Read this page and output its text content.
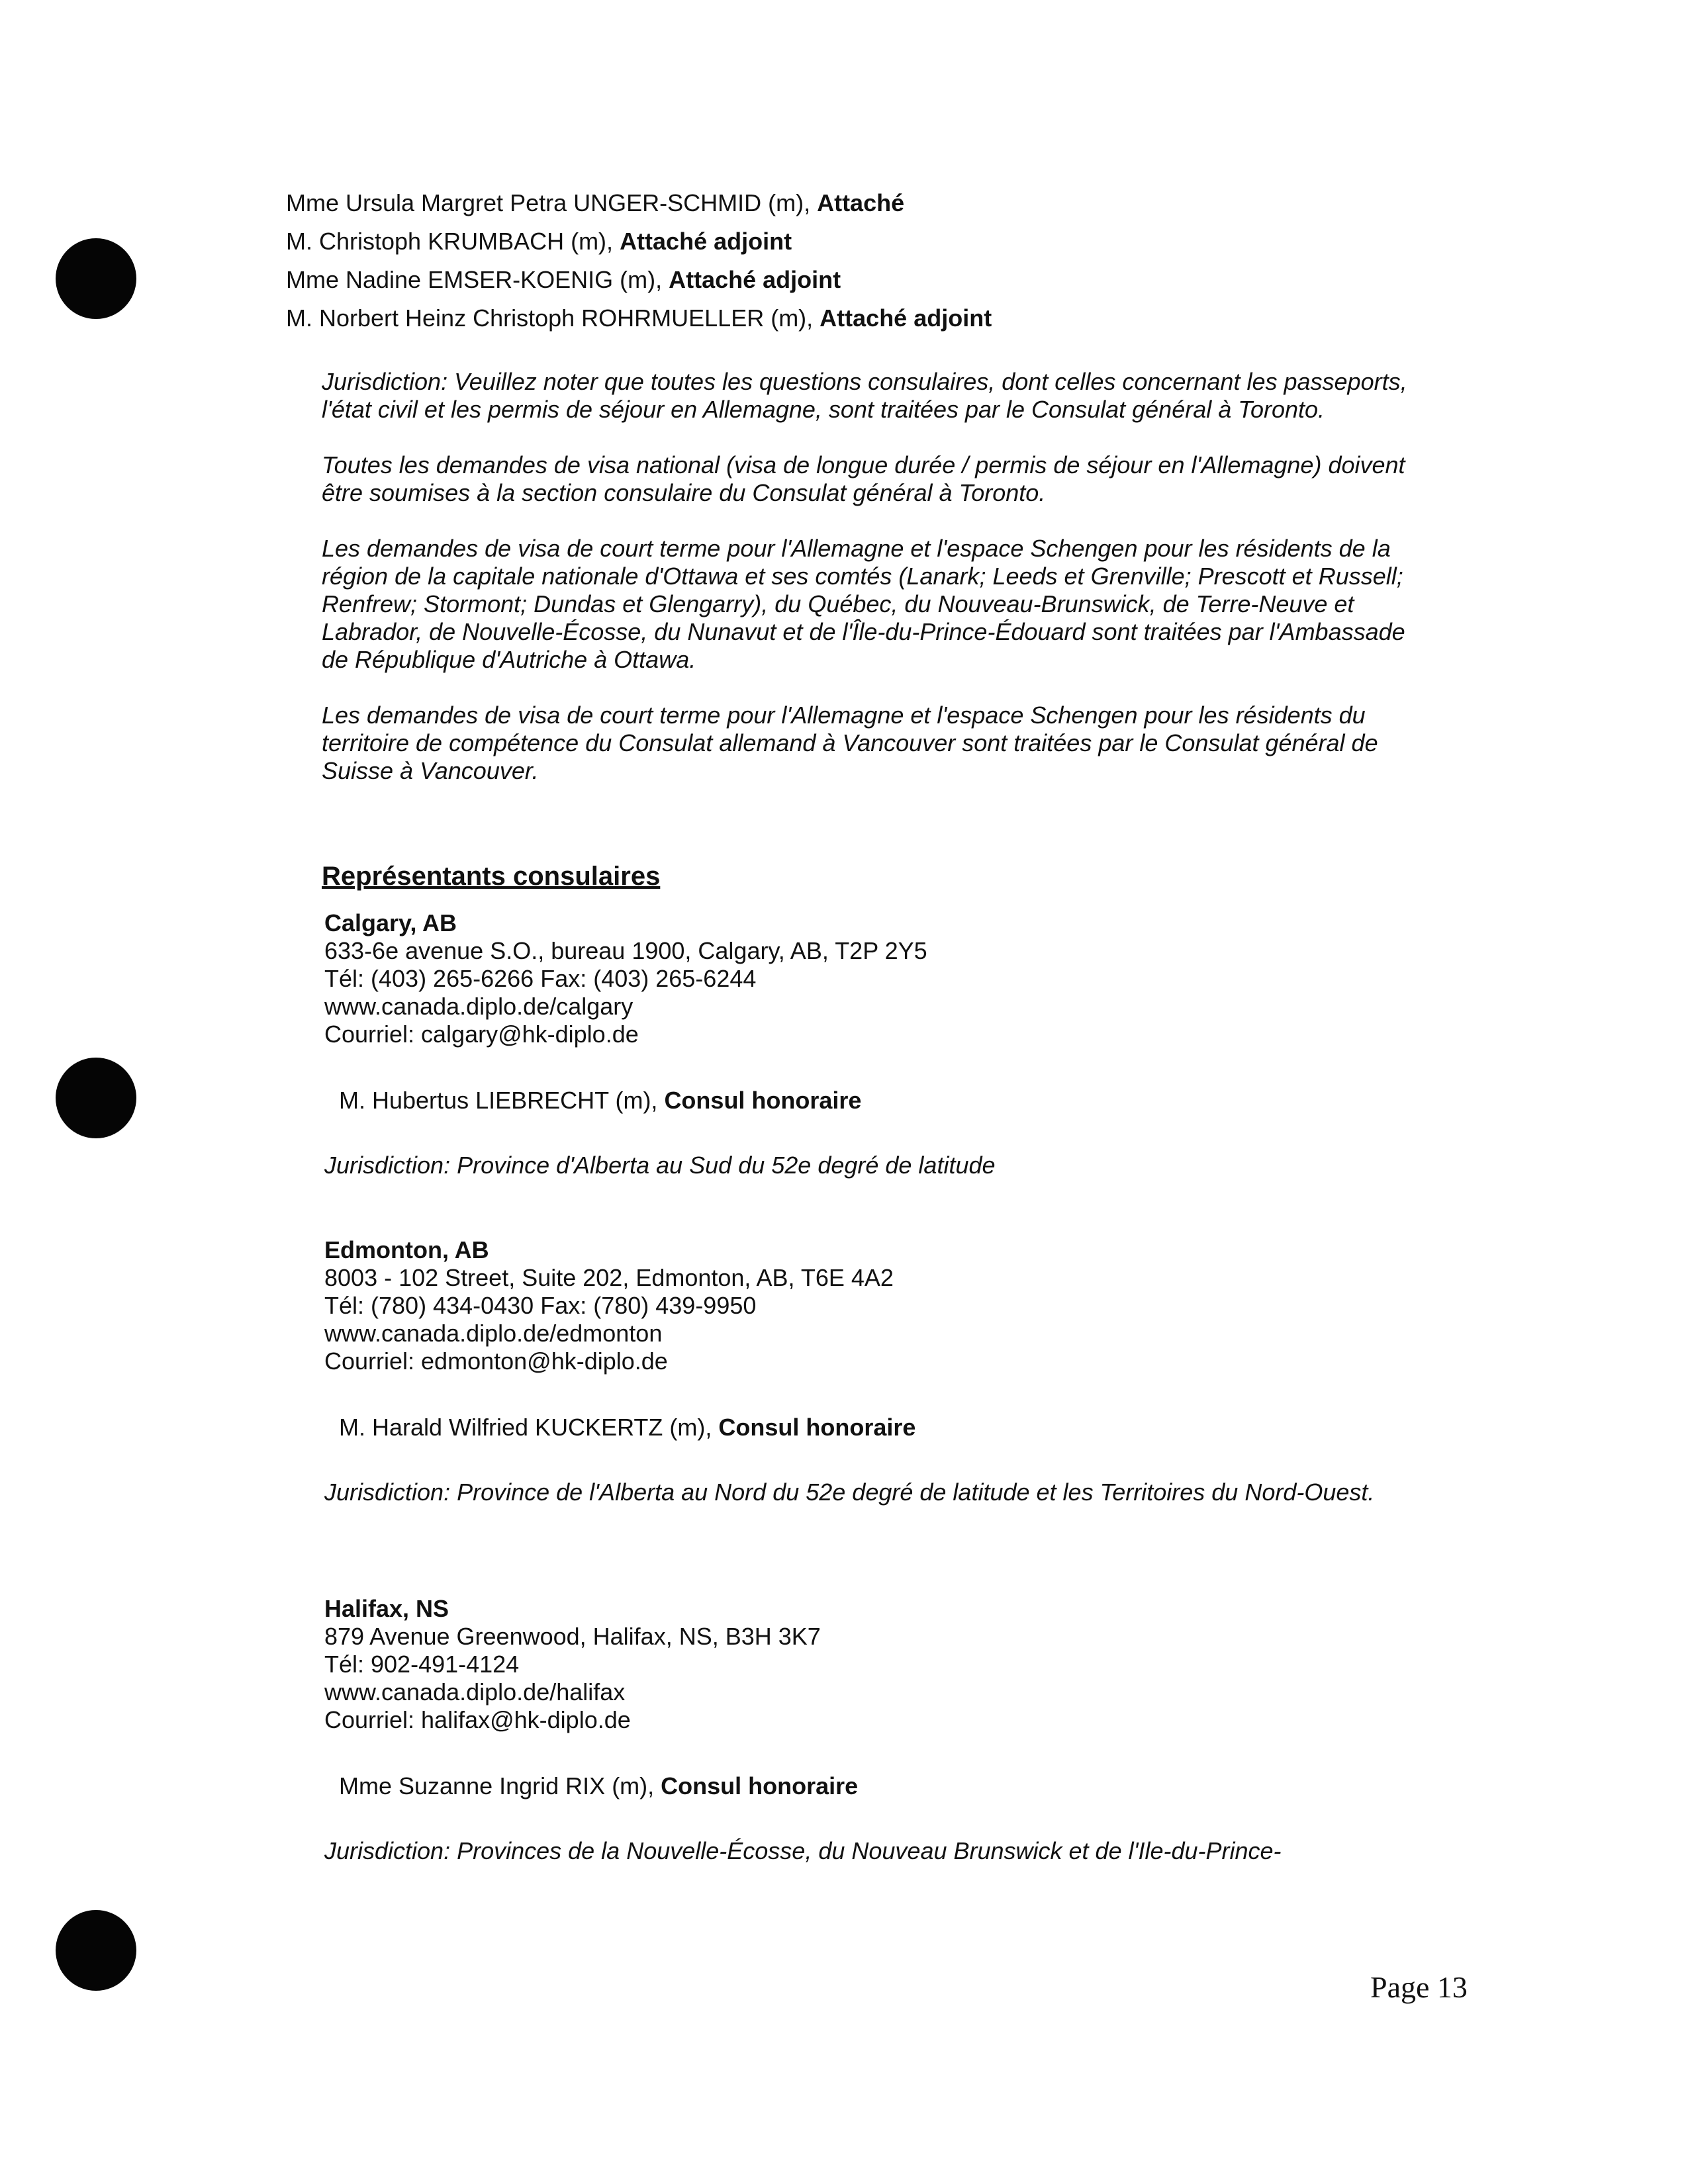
Mme Ursula Margret Petra UNGER-SCHMID (m), Attaché
M. Christoph KRUMBACH (m), Attaché adjoint
Mme Nadine EMSER-KOENIG (m), Attaché adjoint
M. Norbert Heinz Christoph ROHRMUELLER (m), Attaché adjoint

Jurisdiction: Veuillez noter que toutes les questions consulaires, dont celles concernant les passeports, l'état civil et les permis de séjour en Allemagne, sont traitées par le Consulat général à Toronto.

Toutes les demandes de visa national (visa de longue durée / permis de séjour en l'Allemagne) doivent être soumises à la section consulaire du Consulat général à Toronto.

Les demandes de visa de court terme pour l'Allemagne et l'espace Schengen pour les résidents de la région de la capitale nationale d'Ottawa et ses comtés (Lanark; Leeds et Grenville; Prescott et Russell; Renfrew; Stormont; Dundas et Glengarry), du Québec, du Nouveau-Brunswick, de Terre-Neuve et Labrador, de Nouvelle-Écosse, du Nunavut et de l'Île-du-Prince-Édouard sont traitées par l'Ambassade de République d'Autriche à Ottawa.

Les demandes de visa de court terme pour l'Allemagne et l'espace Schengen pour les résidents du territoire de compétence du Consulat allemand à Vancouver sont traitées par le Consulat général de Suisse à Vancouver.

Représentants consulaires
Calgary, AB
633-6e avenue S.O., bureau 1900, Calgary, AB, T2P 2Y5
Tél: (403) 265-6266 Fax: (403) 265-6244
www.canada.diplo.de/calgary
Courriel: calgary@hk-diplo.de
M. Hubertus LIEBRECHT (m), Consul honoraire
Jurisdiction: Province d'Alberta au Sud du 52e degré de latitude
Edmonton, AB
8003 - 102 Street, Suite 202, Edmonton, AB, T6E 4A2
Tél: (780) 434-0430 Fax: (780) 439-9950
www.canada.diplo.de/edmonton
Courriel: edmonton@hk-diplo.de
M. Harald Wilfried KUCKERTZ (m), Consul honoraire
Jurisdiction: Province de l'Alberta au Nord du 52e degré de latitude et les Territoires du Nord-Ouest.
Halifax, NS
879 Avenue Greenwood, Halifax, NS, B3H 3K7
Tél: 902-491-4124
www.canada.diplo.de/halifax
Courriel: halifax@hk-diplo.de
Mme Suzanne Ingrid RIX (m), Consul honoraire
Jurisdiction: Provinces de la Nouvelle-Écosse, du Nouveau Brunswick et de l'Ile-du-Prince-
Page 13
